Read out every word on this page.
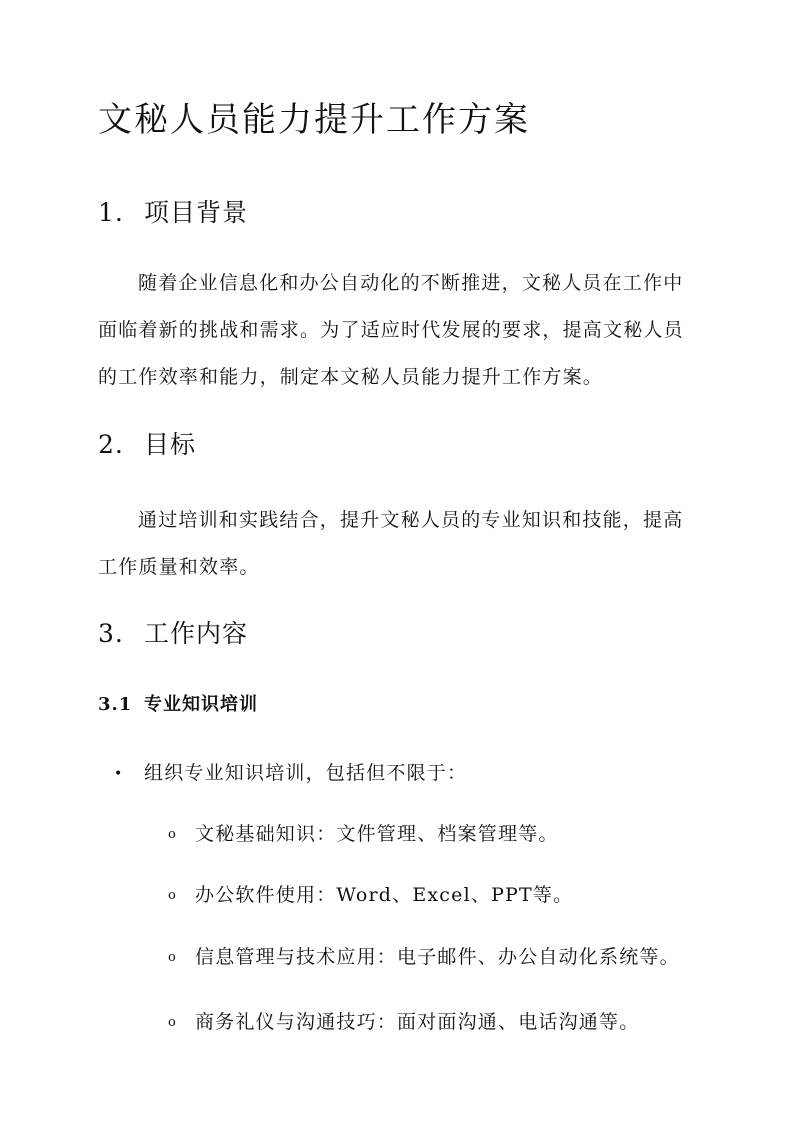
文秘人员能力提升工作方案
1. 项目背景

随着企业信息化和办公自动化的不断推进，文秘人员在工作中面临着新的挑战和需求。为了适应时代发展的要求，提高文秘人员的工作效率和能力，制定本文秘人员能力提升工作方案。

2. 目标

通过培训和实践结合，提升文秘人员的专业知识和技能，提高工作质量和效率。

3. 工作内容
3.1 专业知识培训
• 组织专业知识培训，包括但不限于：
o 文秘基础知识：文件管理、档案管理等。
o 办公软件使用：Word、Excel、PPT等。
o 信息管理与技术应用：电子邮件、办公自动化系统等。
o 商务礼仪与沟通技巧：面对面沟通、电话沟通等。
